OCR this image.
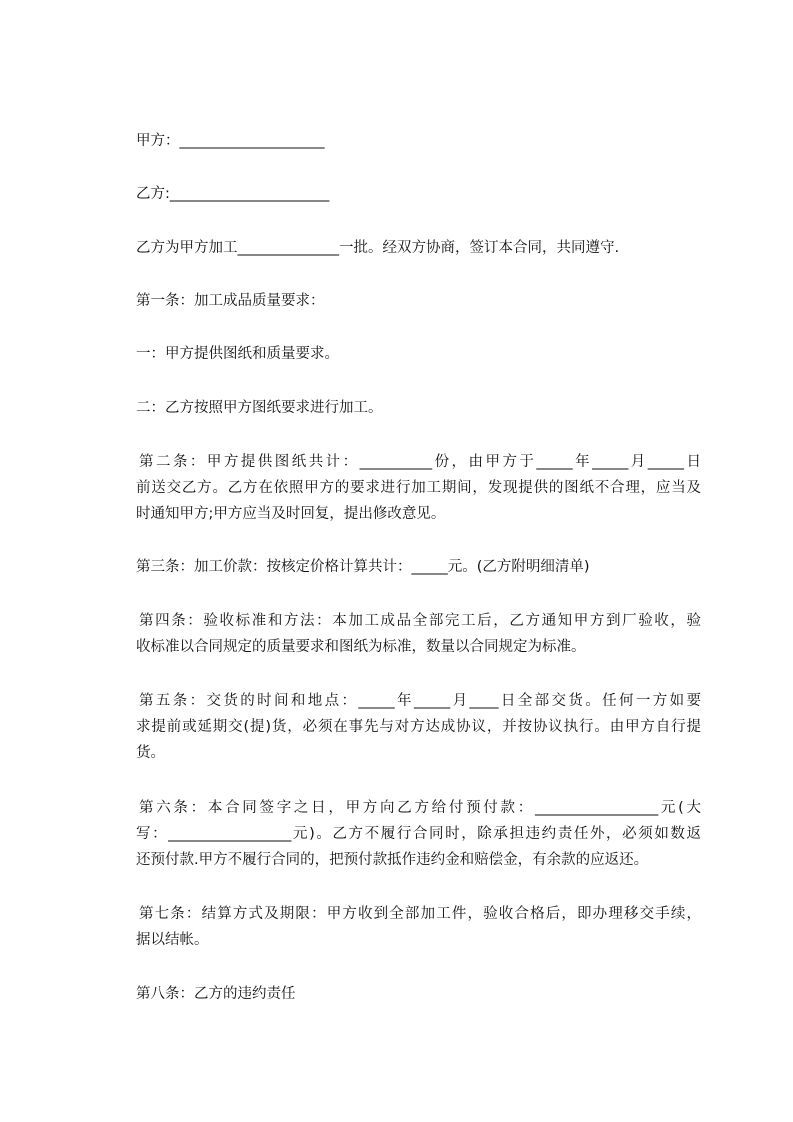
甲方：____________________

乙方:______________________

乙方为甲方加工______________一批。经双方协商，签订本合同，共同遵守.

第一条：加工成品质量要求：

一：甲方提供图纸和质量要求。

二：乙方按照甲方图纸要求进行加工。

第二条：甲方提供图纸共计：__________份，由甲方于_____年_____月_____日
前送交乙方。乙方在依照甲方的要求进行加工期间，发现提供的图纸不合理，应当及
时通知甲方;甲方应当及时回复，提出修改意见。

第三条：加工价款：按核定价格计算共计：_____元。(乙方附明细清单)

第四条：验收标准和方法：本加工成品全部完工后，乙方通知甲方到厂验收，验
收标准以合同规定的质量要求和图纸为标准，数量以合同规定为标准。
第五条：交货的时间和地点：_____年_____月____日全部交货。任何一方如要
求提前或延期交(提)货，必须在事先与对方达成协议，并按协议执行。由甲方自行提
货。
第六条：本合同签字之日，甲方向乙方给付预付款：_________________元(大
写：_________________元)。乙方不履行合同时，除承担违约责任外，必须如数返
还预付款.甲方不履行合同的，把预付款抵作违约金和赔偿金，有余款的应返还。
第七条：结算方式及期限：甲方收到全部加工件，验收合格后，即办理移交手续，
据以结帐。

第八条：乙方的违约责任
